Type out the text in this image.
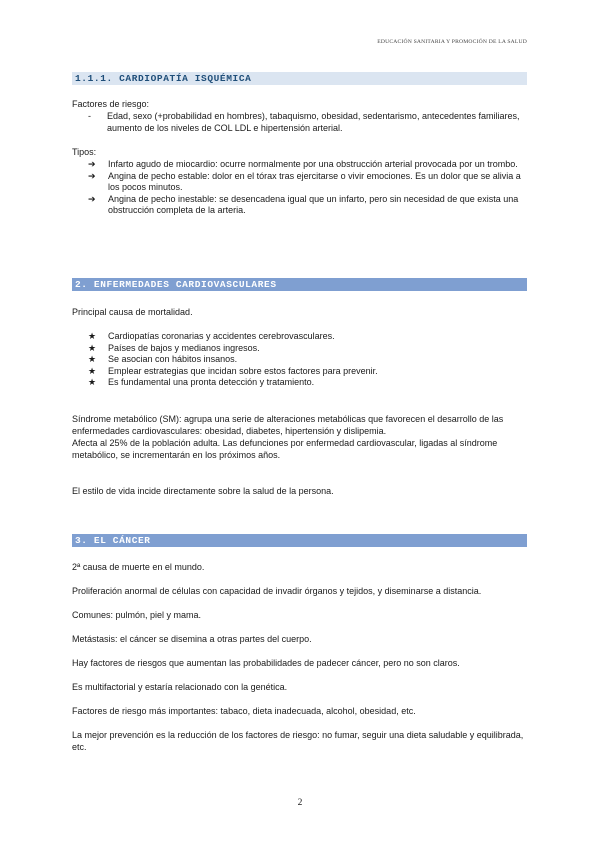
EDUCACIÓN SANITARIA Y PROMOCIÓN DE LA SALUD
1.1.1. CARDIOPATÍA ISQUÉMICA
Factores de riesgo:
-	Edad, sexo (+probabilidad en hombres), tabaquismo, obesidad, sedentarismo, antecedentes familiares, aumento de los niveles de COL LDL e hipertensión arterial.
Tipos:
➔	Infarto agudo de miocardio: ocurre normalmente por una obstrucción arterial provocada por un trombo.
➔	Angina de pecho estable: dolor en el tórax tras ejercitarse o vivir emociones. Es un dolor que se alivia a los pocos minutos.
➔	Angina de pecho inestable: se desencadena igual que un infarto, pero sin necesidad de que exista una obstrucción completa de la arteria.
2. ENFERMEDADES CARDIOVASCULARES
Principal causa de mortalidad.
★	Cardiopatías coronarias y accidentes cerebrovasculares.
★	Países de bajos y medianos ingresos.
★	Se asocian con hábitos insanos.
★	Emplear estrategias que incidan sobre estos factores para prevenir.
★	Es fundamental una pronta detección y tratamiento.
Síndrome metabólico (SM): agrupa una serie de alteraciones metabólicas que favorecen el desarrollo de las enfermedades cardiovasculares: obesidad, diabetes, hipertensión y dislipemia.
Afecta al 25% de la población adulta. Las defunciones por enfermedad cardiovascular, ligadas al síndrome metabólico, se incrementarán en los próximos años.
El estilo de vida incide directamente sobre la salud de la persona.
3. EL CÁNCER
2ª causa de muerte en el mundo.
Proliferación anormal de células con capacidad de invadir órganos y tejidos, y diseminarse a distancia.
Comunes: pulmón, piel y mama.
Metástasis: el cáncer se disemina a otras partes del cuerpo.
Hay factores de riesgos que aumentan las probabilidades de padecer cáncer, pero no son claros.
Es multifactorial y estaría relacionado con la genética.
Factores de riesgo más importantes: tabaco, dieta inadecuada, alcohol, obesidad, etc.
La mejor prevención es la reducción de los factores de riesgo: no fumar, seguir una dieta saludable y equilibrada, etc.
2
